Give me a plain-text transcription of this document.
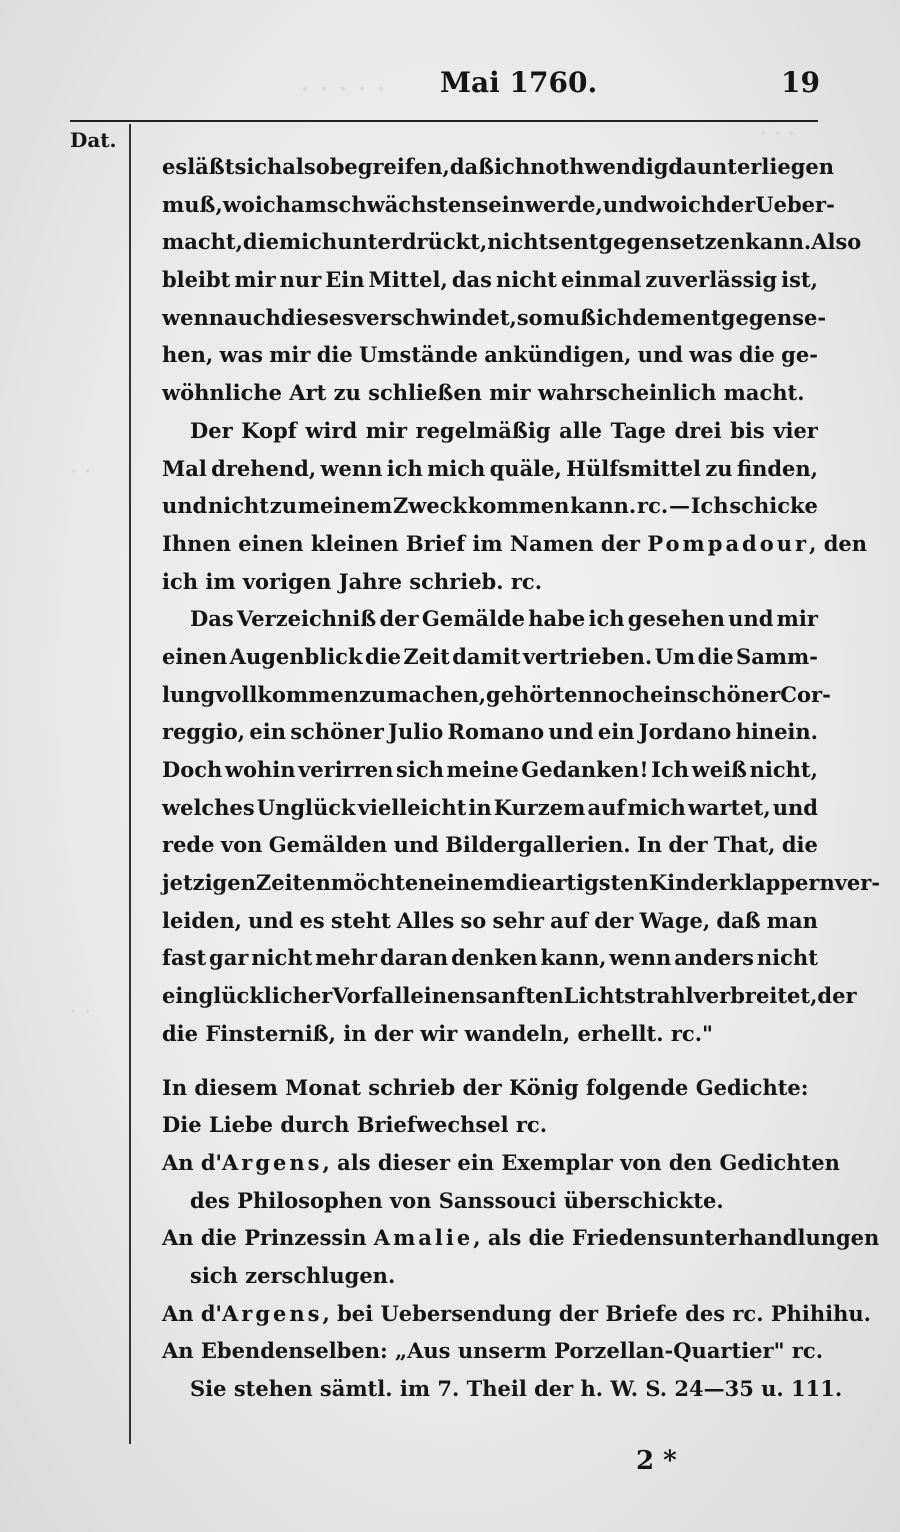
· · · · ·
· · ·
· ·
· ·
Mai 1760.	19
Dat.
es läßt sich also begreifen, daß ich nothwendig da unterliegen
muß, wo ich am schwächsten sein werde, und wo ich der Ueber-
macht, die mich unterdrückt, nichts entgegensetzen kann. Also
bleibt mir nur Ein Mittel, das nicht einmal zuverlässig ist,
wenn auch dieses verschwindet, so muß ich dem entgegen se-
hen, was mir die Umstände ankündigen, und was die ge-
wöhnliche Art zu schließen mir wahrscheinlich macht.
Der Kopf wird mir regelmäßig alle Tage drei bis vier
Mal drehend, wenn ich mich quäle, Hülfsmittel zu finden,
und nicht zu meinem Zweck kommen kann. rc. — Ich schicke
Ihnen einen kleinen Brief im Namen der
Pompadour , den
ich im vorigen Jahre schrieb. rc.
Das Verzeichniß der Gemälde habe ich gesehen und mir
einen Augenblick die Zeit damit vertrieben. Um die Samm-
lung vollkommen zu machen, gehörten noch ein schöner Cor-
reggio, ein schöner Julio Romano und ein Jordano hinein.
Doch wohin verirren sich meine Gedanken! Ich weiß nicht,
welches Unglück vielleicht in Kurzem auf mich wartet, und
rede von Gemälden und Bildergallerien. In der That, die
jetzigen Zeiten möchten einem die artigsten Kinderklappern ver-
leiden, und es steht Alles so sehr auf der Wage, daß man
fast gar nicht mehr daran denken kann, wenn anders nicht
ein glücklicher Vorfall einen sanften Lichtstrahl verbreitet, der
die Finsterniß, in der wir wandeln, erhellt. rc."
In diesem Monat schrieb der König folgende Gedichte:
Die Liebe durch Briefwechsel rc.
An d' Argens , als dieser ein Exemplar von den Gedichten
des Philosophen von Sanssouci überschickte.
An die Prinzessin
Amalie , als die Friedensunterhandlungen
sich zerschlugen.
An d' Argens , bei Uebersendung der Briefe des rc. Phihihu.
An Ebendenselben: „Aus unserm Porzellan-Quartier" rc.
Sie stehen sämtl. im 7. Theil der h. W. S. 24—35 u. 111.
2 *
